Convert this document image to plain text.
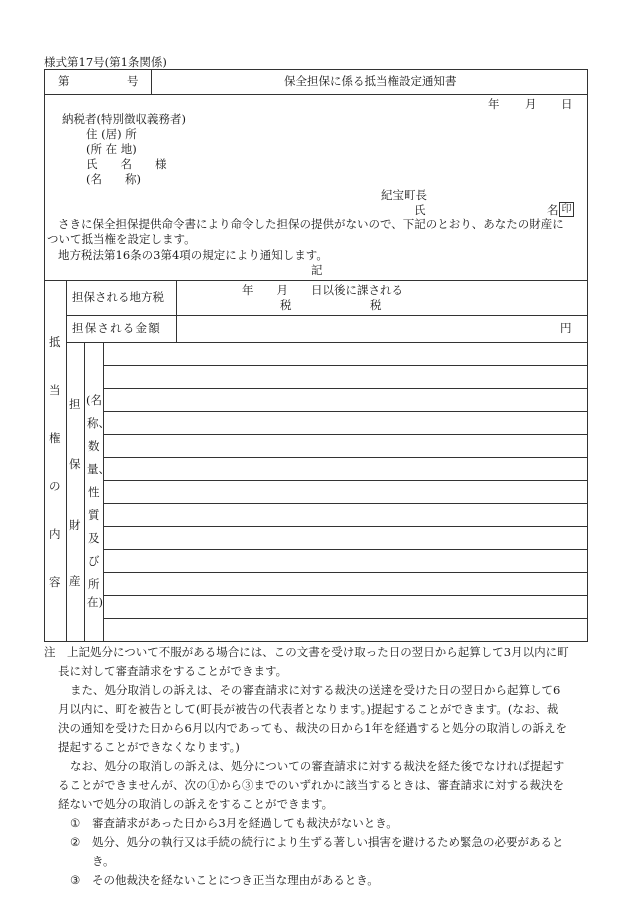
様式第17号(第1条関係)
第	号	保全担保に係る抵当権設定通知書
年 月 日
納税者(特別徴収義務者)
住 (居) 所
(所 在 地)
氏　　名　　様
(名　　称)
紀宝町長
氏	名 印
さきに保全担保提供命令書により命令した担保の提供がないので、下記のとおり、あなたの財産に
ついて抵当権を設定します。
地方税法第16条の3第4項の規定により通知します。
記
抵
当
権
の
内
容
担保される地方税	年　　月　　日以後に課される
税	税
担保される金額	円
担
保
財
産
(名
称、
数
量、
性
質
及
び
所
在)
注　上記処分について不服がある場合には、この文書を受け取った日の翌日から起算して3月以内に町
長に対して審査請求をすることができます。
また、処分取消しの訴えは、その審査請求に対する裁決の送達を受けた日の翌日から起算して6
月以内に、町を被告として(町長が被告の代表者となります。)提起することができます。(なお、裁
決の通知を受けた日から6月以内であっても、裁決の日から1年を経過すると処分の取消しの訴えを
提起することができなくなります。)
なお、処分の取消しの訴えは、処分についての審査請求に対する裁決を経た後でなければ提起す
ることができませんが、次の①から③までのいずれかに該当するときは、審査請求に対する裁決を
経ないで処分の取消しの訴えをすることができます。
① 審査請求があった日から3月を経過しても裁決がないとき。
② 処分、処分の執行又は手続の続行により生ずる著しい損害を避けるため緊急の必要があると
き。
③ その他裁決を経ないことにつき正当な理由があるとき。
